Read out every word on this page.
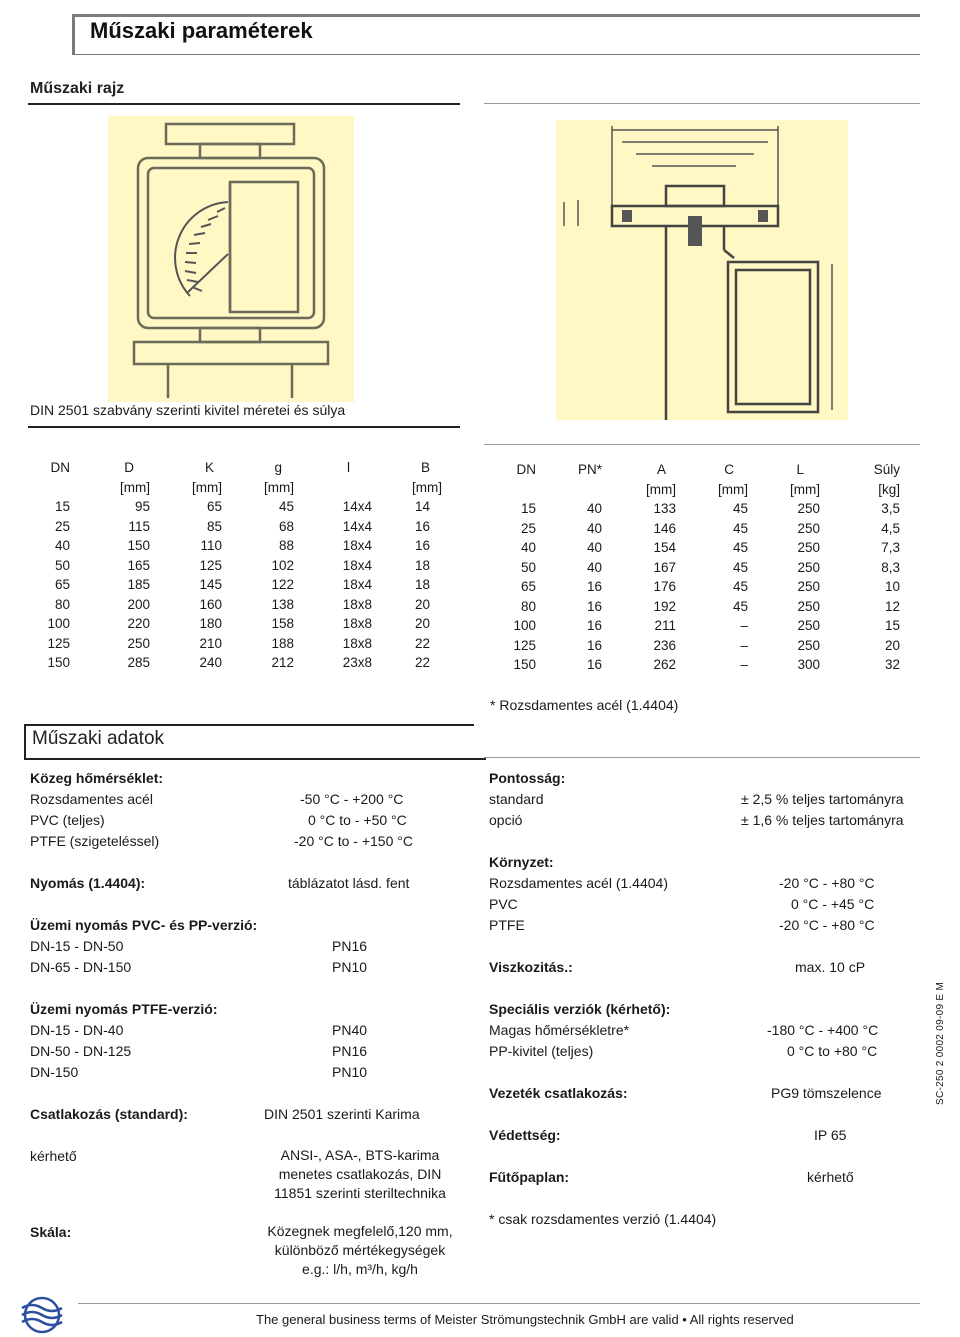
Műszaki paraméterek
Műszaki rajz
DIN 2501 szabvány szerinti kivitel méretei és súlya
DN	D	K	g	l	B
	[mm]	[mm]	[mm]		[mm]
15	95	65	45	14x4	14
25	115	85	68	14x4	16
40	150	110	88	18x4	16
50	165	125	102	18x4	18
65	185	145	122	18x4	18
80	200	160	138	18x8	20
100	220	180	158	18x8	20
125	250	210	188	18x8	22
150	285	240	212	23x8	22
DN	PN*	A	C	L	Súly
		[mm]	[mm]	[mm]	[kg]
15	40	133	45	250	3,5
25	40	146	45	250	4,5
40	40	154	45	250	7,3
50	40	167	45	250	8,3
65	16	176	45	250	10
80	16	192	45	250	12
100	16	211	–	250	15
125	16	236	–	250	20
150	16	262	–	300	32
* Rozsdamentes acél (1.4404)
Műszaki adatok
Közeg hőmérséklet:
Rozsdamentes acél	-50 °C - +200 °C
PVC (teljes)	0 °C to - +50 °C
PTFE (szigeteléssel)	-20 °C to - +150 °C
Nyomás (1.4404):	táblázatot lásd. fent
Üzemi nyomás PVC- és PP-verzió:
DN-15 - DN-50	PN16
DN-65 - DN-150	PN10
Üzemi nyomás PTFE-verzió:
DN-15 - DN-40	PN40
DN-50 - DN-125	PN16
DN-150	PN10
Csatlakozás (standard):	DIN 2501 szerinti Karima
kérhető	ANSI-, ASA-, BTS-karima
menetes csatlakozás, DIN
11851 szerinti steriltechnika
Skála:	Közegnek megfelelő,120 mm,
különböző mértékegységek
e.g.: l/h, m³/h, kg/h
Pontosság:
standard	± 2,5 % teljes tartományra
opció	± 1,6 % teljes tartományra
Környzet:
Rozsdamentes acél (1.4404)	-20 °C - +80 °C
PVC	0 °C - +45 °C
PTFE	-20 °C - +80 °C
Viszkozitás.:	max. 10 cP
Speciális verziók (kérhető):
Magas hőmérsékletre*	-180 °C - +400 °C
PP-kivitel (teljes)	0 °C to +80 °C
Vezeték csatlakozás:	PG9 tömszelence
Védettség:	IP 65
Fűtőpaplan:	kérhető
* csak rozsdamentes verzió (1.4404)
SC-250 2 0002 09-09 E M
The general business terms of Meister Strömungstechnik GmbH are valid • All rights reserved
